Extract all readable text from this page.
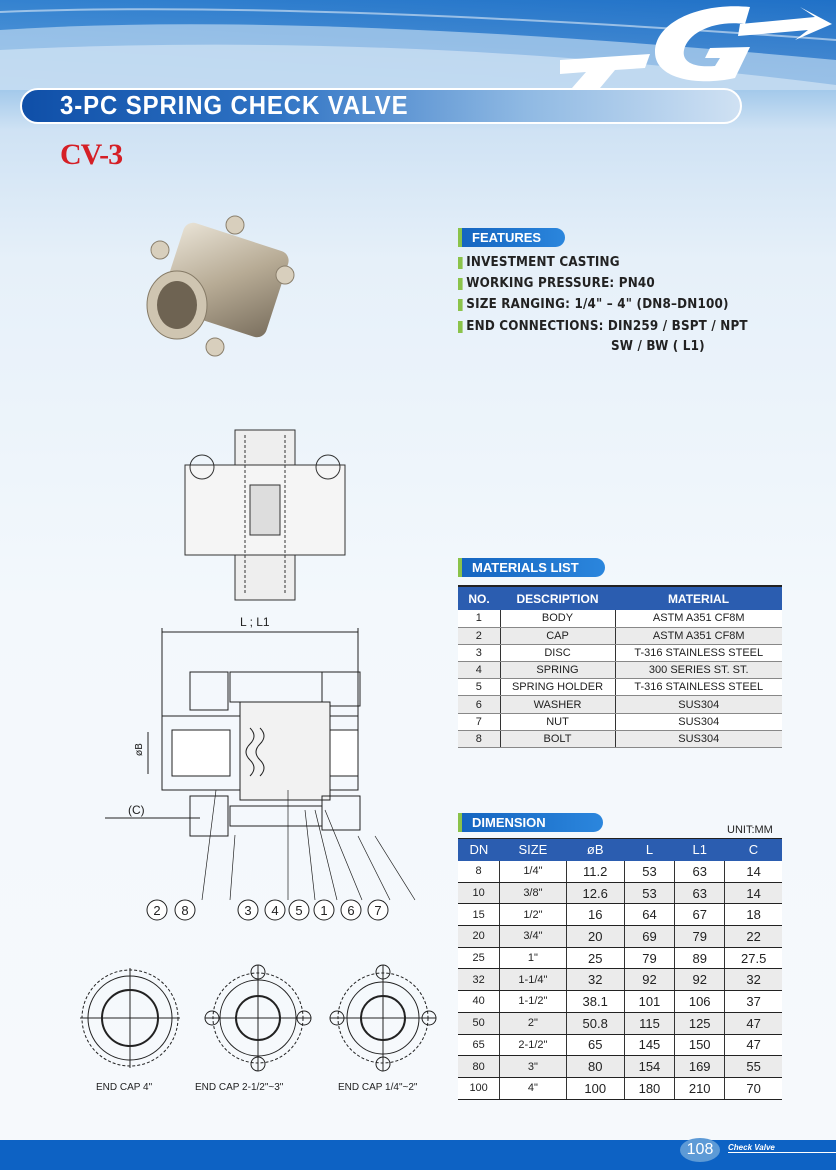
3-PC SPRING CHECK VALVE
CV-3
FEATURES
INVESTMENT CASTING
WORKING PRESSURE: PN40
SIZE RANGING: 1/4" – 4" (DN8–DN100)
END CONNECTIONS: DIN259 / BSPT / NPT
SW / BW ( L1)
MATERIALS LIST
NO.	DESCRIPTION	MATERIAL
1	BODY	ASTM A351 CF8M
2	CAP	ASTM A351 CF8M
3	DISC	T-316 STAINLESS STEEL
4	SPRING	300 SERIES ST. ST.
5	SPRING HOLDER	T-316 STAINLESS STEEL
6	WASHER	SUS304
7	NUT	SUS304
8	BOLT	SUS304
DIMENSION	UNIT:MM
DN	SIZE	øB	L	L1	C
8	1/4"	11.2	53	63	14
10	3/8"	12.6	53	63	14
15	1/2"	16	64	67	18
20	3/4"	20	69	79	22
25	1"	25	79	89	27.5
32	1-1/4"	32	92	92	32
40	1-1/2"	38.1	101	106	37
50	2"	50.8	115	125	47
65	2-1/2"	65	145	150	47
80	3"	80	154	169	55
100	4"	100	180	210	70
L ; L1
øB
(C)
2 8	3 4 5 1 6 7
END CAP 4"	END CAP 2-1/2"~3"	END CAP 1/4"~2"
108	Check Valve
